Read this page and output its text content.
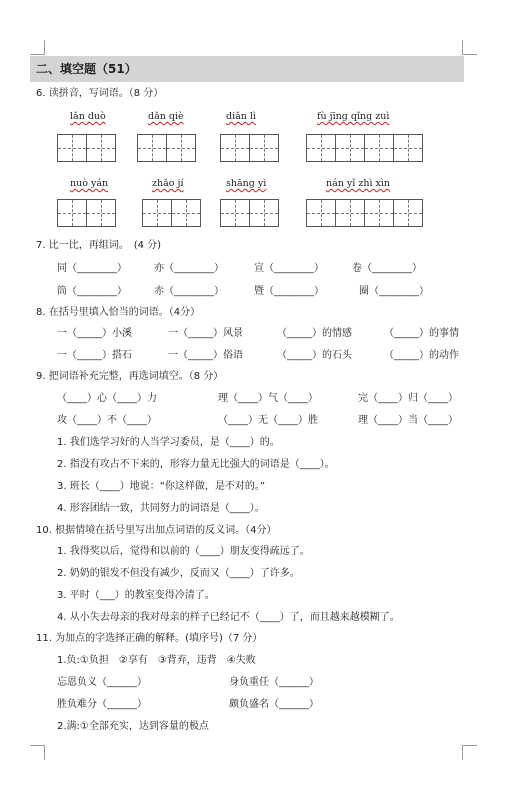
二、填空题（51）
6. 读拼音，写词语。（8 分）
lǎn duò	dǎn qiè	diǎn lì	fù jīng qǐng zuì
nuò yán	zhǎo jí	shāng yì	nán yǐ zhì xìn
7. 比一比，再组词。　(4 分)
同（________）	亦（________）	宣（________）	卷（________）
筒（________）	赤（________）	暨（________）	圈（________）
8. 在括号里填入恰当的词语。（4分）
一（_____）小溪	一（_____）风景	（_____）的情感	（_____）的事情
一（_____）搭石	一（_____）俗语	（_____）的石头	（_____）的动作
9. 把词语补充完整，再选词填空。（8 分）
（____）心（____）力	理（____）气（____）	完（____）归（____）
攻（____）不（____）	（____）无（____）胜	理（____）当（____）
1. 我们选学习好的人当学习委员，是（____）的。
2. 指没有攻占不下来的，形容力量无比强大的词语是（____）。
3. 班长（____）地说：“你这样做，是不对的。”
4. 形容团结一致，共同努力的词语是（____）。
10. 根据情境在括号里写出加点词语的反义词。（4分）
1. 我得奖以后，觉得和以前的（____）朋友变得疏远了。
2. 奶奶的银发不但没有减少，反而又（____）了许多。
3. 平时（___）的教室变得冷清了。
4. 从小失去母亲的我对母亲的样子已经记不（____）了，而且越来越模糊了。
11. 为加点的字选择正确的解释。(填序号)（7 分）
1.负:①负担　②享有　③背弃，违背　④失败
忘恩负义（______）	身负重任（______）
胜负难分（______）	颇负盛名（______）
2.满:①全部充实，达到容量的极点
